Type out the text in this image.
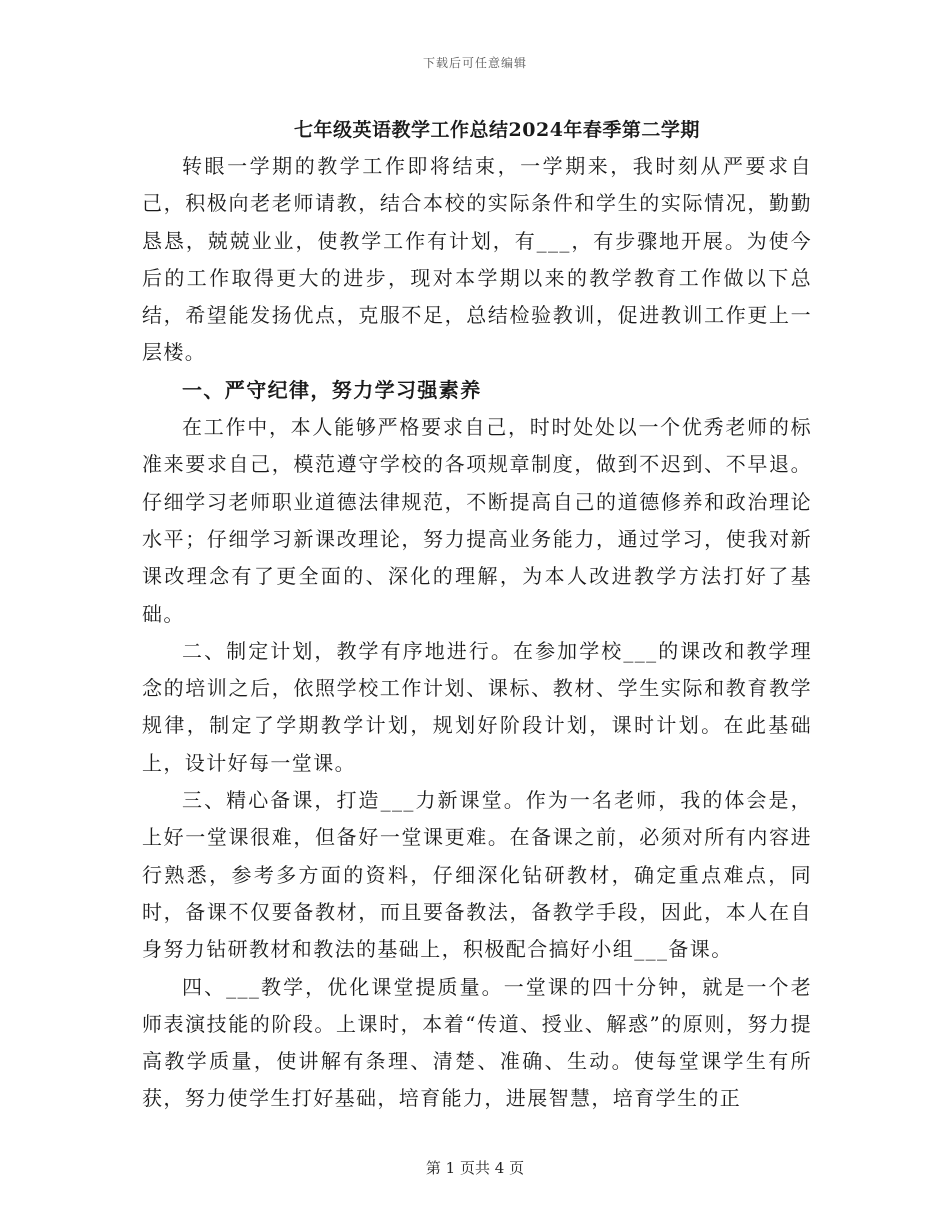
下载后可任意编辑
七年级英语教学工作总结2024年春季第二学期

转眼一学期的教学工作即将结束，一学期来，我时刻从严要求自己，积极向老老师请教，结合本校的实际条件和学生的实际情况，勤勤恳恳，兢兢业业，使教学工作有计划，有___，有步骤地开展。为使今后的工作取得更大的进步，现对本学期以来的教学教育工作做以下总结，希望能发扬优点，克服不足，总结检验教训，促进教训工作更上一层楼。

一、严守纪律，努力学习强素养

在工作中，本人能够严格要求自己，时时处处以一个优秀老师的标准来要求自己，模范遵守学校的各项规章制度，做到不迟到、不早退。仔细学习老师职业道德法律规范，不断提高自己的道德修养和政治理论水平；仔细学习新课改理论，努力提高业务能力，通过学习，使我对新课改理念有了更全面的、深化的理解，为本人改进教学方法打好了基础。

二、制定计划，教学有序地进行。在参加学校___的课改和教学理念的培训之后，依照学校工作计划、课标、教材、学生实际和教育教学规律，制定了学期教学计划，规划好阶段计划，课时计划。在此基础上，设计好每一堂课。

三、精心备课，打造___力新课堂。作为一名老师，我的体会是，上好一堂课很难，但备好一堂课更难。在备课之前，必须对所有内容进行熟悉，参考多方面的资料，仔细深化钻研教材，确定重点难点，同时，备课不仅要备教材，而且要备教法，备教学手段，因此，本人在自身努力钻研教材和教法的基础上，积极配合搞好小组___备课。

四、___教学，优化课堂提质量。一堂课的四十分钟，就是一个老师表演技能的阶段。上课时，本着“传道、授业、解惑”的原则，努力提高教学质量，使讲解有条理、清楚、准确、生动。使每堂课学生有所获，努力使学生打好基础，培育能力，进展智慧，培育学生的正

第 1 页共 4 页
